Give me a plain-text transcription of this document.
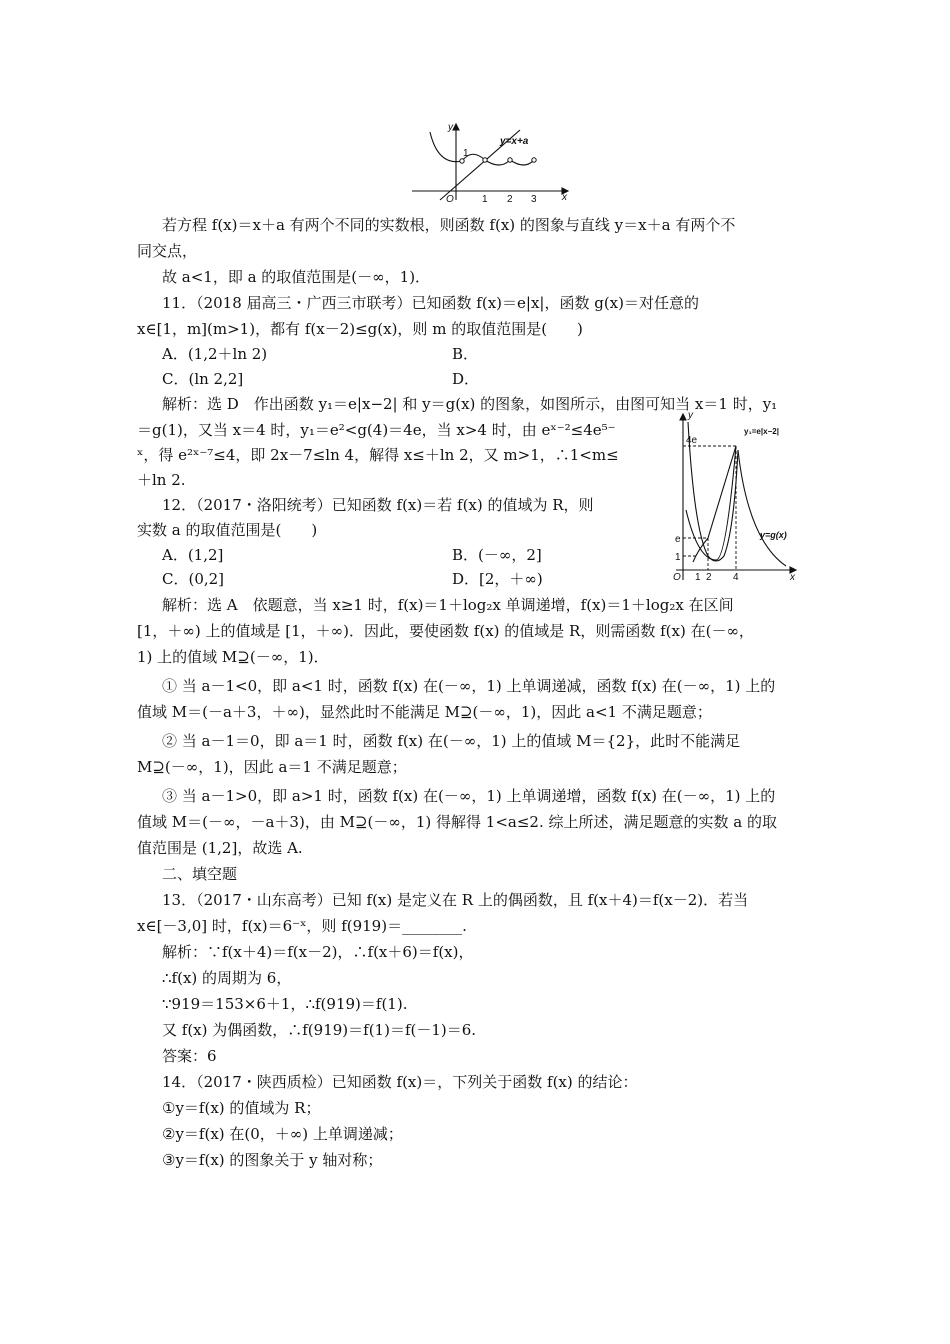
y
x
O
y=x+a
1
1 2 3
y
x
O
4e
e
1
1 2 4
y₁=e|x−2|
y=g(x)
若方程 f(x)＝x＋a 有两个不同的实数根，则函数 f(x) 的图象与直线 y＝x＋a 有两个不
同交点，
故 a<1，即 a 的取值范围是(－∞，1)．
11．（2018 届高三・广西三市联考）已知函数 f(x)＝e|x|，函数 g(x)＝对任意的
x∈[1，m](m>1)，都有 f(x－2)≤g(x)，则 m 的取值范围是(　　)
A．(1,2＋ln 2)	B．
C．(ln 2,2]	D．
解析：选 D　作出函数 y₁＝e|x−2| 和 y＝g(x) 的图象，如图所示，由图可知当 x＝1 时，y₁
＝g(1)，又当 x＝4 时，y₁＝e²<g(4)＝4e，当 x>4 时，由 eˣ⁻²≤4e⁵⁻
ˣ，得 e²ˣ⁻⁷≤4，即 2x－7≤ln 4，解得 x≤＋ln 2，又 m>1，∴1<m≤
＋ln 2.
12．（2017・洛阳统考）已知函数 f(x)＝若 f(x) 的值域为 R，则
实数 a 的取值范围是(　　)
A．(1,2]	B．(－∞，2]
C．(0,2]	D．[2，＋∞)
解析：选 A　依题意，当 x≥1 时，f(x)＝1＋log₂x 单调递增，f(x)＝1＋log₂x 在区间
[1，＋∞) 上的值域是 [1，＋∞)．因此，要使函数 f(x) 的值域是 R，则需函数 f(x) 在(－∞，
1) 上的值域 M⊇(－∞，1)．
① 当 a－1<0，即 a<1 时，函数 f(x) 在(－∞，1) 上单调递减，函数 f(x) 在(－∞，1) 上的
值域 M＝(－a＋3，＋∞)，显然此时不能满足 M⊇(－∞，1)，因此 a<1 不满足题意；
② 当 a－1＝0，即 a＝1 时，函数 f(x) 在(－∞，1) 上的值域 M＝{2}，此时不能满足
M⊇(－∞，1)，因此 a＝1 不满足题意；
③ 当 a－1>0，即 a>1 时，函数 f(x) 在(－∞，1) 上单调递增，函数 f(x) 在(－∞，1) 上的
值域 M＝(－∞，－a＋3)，由 M⊇(－∞，1) 得解得 1<a≤2. 综上所述，满足题意的实数 a 的取
值范围是 (1,2]，故选 A.
二、填空题
13．（2017・山东高考）已知 f(x) 是定义在 R 上的偶函数，且 f(x＋4)＝f(x－2)．若当
x∈[－3,0] 时，f(x)＝6⁻ˣ，则 f(919)＝________.
解析：∵f(x＋4)＝f(x－2)，∴f(x＋6)＝f(x)，
∴f(x) 的周期为 6，
∵919＝153×6＋1，∴f(919)＝f(1).
又 f(x) 为偶函数，∴f(919)＝f(1)＝f(－1)＝6.
答案：6
14．（2017・陕西质检）已知函数 f(x)＝，下列关于函数 f(x) 的结论：
①y＝f(x) 的值域为 R；
②y＝f(x) 在(0，＋∞) 上单调递减；
③y＝f(x) 的图象关于 y 轴对称；
